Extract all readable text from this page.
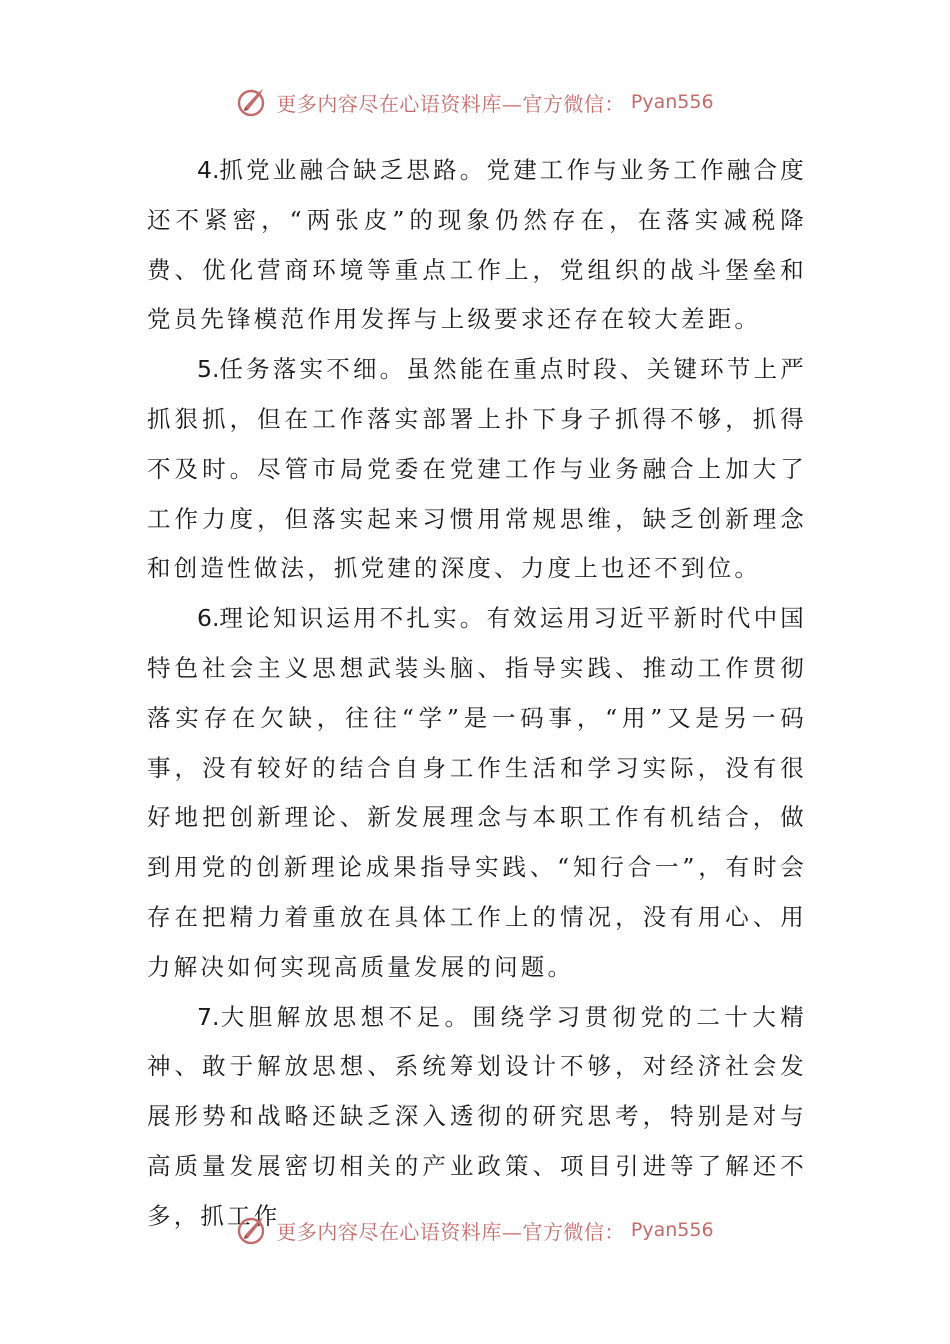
更多内容尽在心语资料库—官方微信： Pyan556

4.抓党业融合缺乏思路。党建工作与业务工作融合度还不紧密，“两张皮”的现象仍然存在，在落实减税降费、优化营商环境等重点工作上，党组织的战斗堡垒和党员先锋模范作用发挥与上级要求还存在较大差距。

5.任务落实不细。虽然能在重点时段、关键环节上严抓狠抓，但在工作落实部署上扑下身子抓得不够，抓得不及时。尽管市局党委在党建工作与业务融合上加大了工作力度，但落实起来习惯用常规思维，缺乏创新理念和创造性做法，抓党建的深度、力度上也还不到位。

6.理论知识运用不扎实。有效运用习近平新时代中国特色社会主义思想武装头脑、指导实践、推动工作贯彻落实存在欠缺，往往“学”是一码事，“用”又是另一码事，没有较好的结合自身工作生活和学习实际，没有很好地把创新理论、新发展理念与本职工作有机结合，做到用党的创新理论成果指导实践、“知行合一”，有时会存在把精力着重放在具体工作上的情况，没有用心、用力解决如何实现高质量发展的问题。

7.大胆解放思想不足。围绕学习贯彻党的二十大精神、敢于解放思想、系统筹划设计不够，对经济社会发展形势和战略还缺乏深入透彻的研究思考，特别是对与高质量发展密切相关的产业政策、项目引进等了解还不多，抓工作

更多内容尽在心语资料库—官方微信： Pyan556
